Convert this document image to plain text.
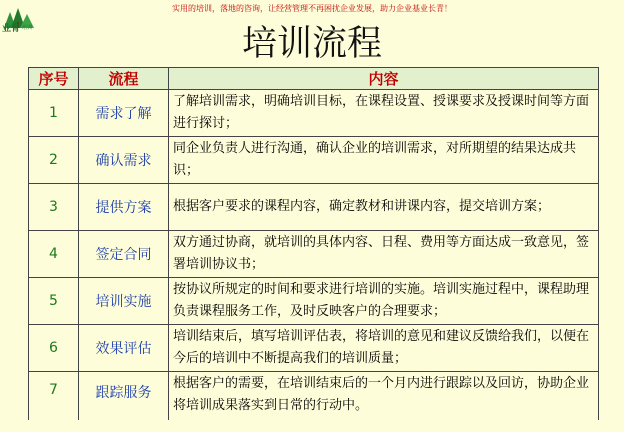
业青 培训
实用的培训，落地的咨询，让经营管理不再困扰企业发展，助力企业基业长青！
培训流程
序号	流程	内容
1	需求了解	了解培训需求，明确培训目标，在课程设置、授课要求及授课时间等方面进行探讨；
2	确认需求	同企业负责人进行沟通，确认企业的培训需求，对所期望的结果达成共识；
3	提供方案	根据客户要求的课程内容，确定教材和讲课内容，提交培训方案；
4	签定合同	双方通过协商，就培训的具体内容、日程、费用等方面达成一致意见，签署培训协议书；
5	培训实施	按协议所规定的时间和要求进行培训的实施。培训实施过程中，课程助理负责课程服务工作，及时反映客户的合理要求；
6	效果评估	培训结束后，填写培训评估表，将培训的意见和建议反馈给我们，以便在今后的培训中不断提高我们的培训质量；
7	跟踪服务	根据客户的需要，在培训结束后的一个月内进行跟踪以及回访，协助企业将培训成果落实到日常的行动中。
